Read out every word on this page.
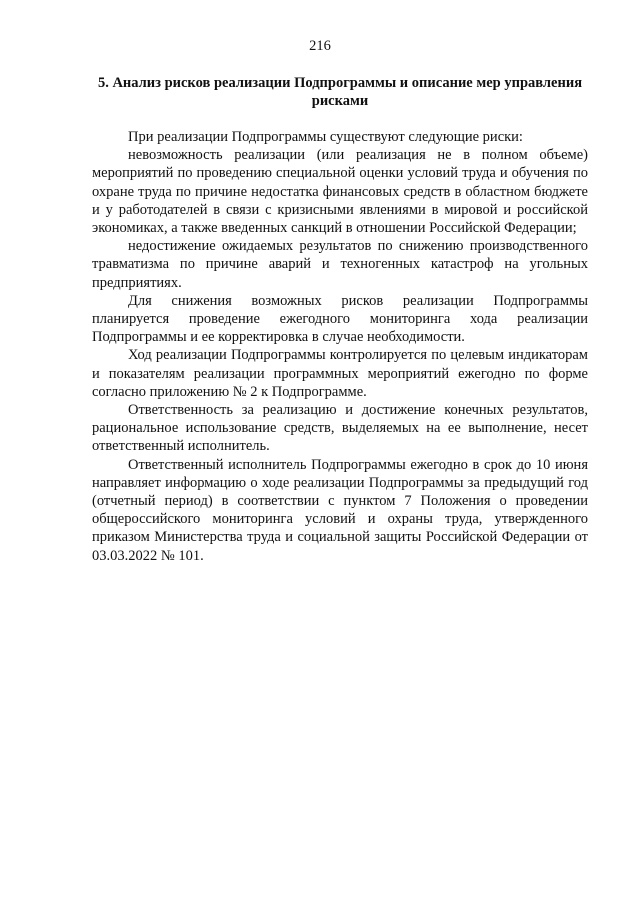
216
5. Анализ рисков реализации Подпрограммы и описание мер управления рисками

При реализации Подпрограммы существуют следующие риски:

невозможность реализации (или реализация не в полном объеме) мероприятий по проведению специальной оценки условий труда и обучения по охране труда по причине недостатка финансовых средств в областном бюджете и у работодателей в связи с кризисными явлениями в мировой и российской экономиках, а также введенных санкций в отношении Российской Федерации;

недостижение ожидаемых результатов по снижению производственного травматизма по причине аварий и техногенных катастроф на угольных предприятиях.

Для снижения возможных рисков реализации Подпрограммы планируется проведение ежегодного мониторинга хода реализации Подпрограммы и ее корректировка в случае необходимости.

Ход реализации Подпрограммы контролируется по целевым индикаторам и показателям реализации программных мероприятий ежегодно по форме согласно приложению № 2 к Подпрограмме.

Ответственность за реализацию и достижение конечных результатов, рациональное использование средств, выделяемых на ее выполнение, несет ответственный исполнитель.

Ответственный исполнитель Подпрограммы ежегодно в срок до 10 июня направляет информацию о ходе реализации Подпрограммы за предыдущий год (отчетный период) в соответствии с пунктом 7 Положения о проведении общероссийского мониторинга условий и охраны труда, утвержденного приказом Министерства труда и социальной защиты Российской Федерации от 03.03.2022 № 101.
